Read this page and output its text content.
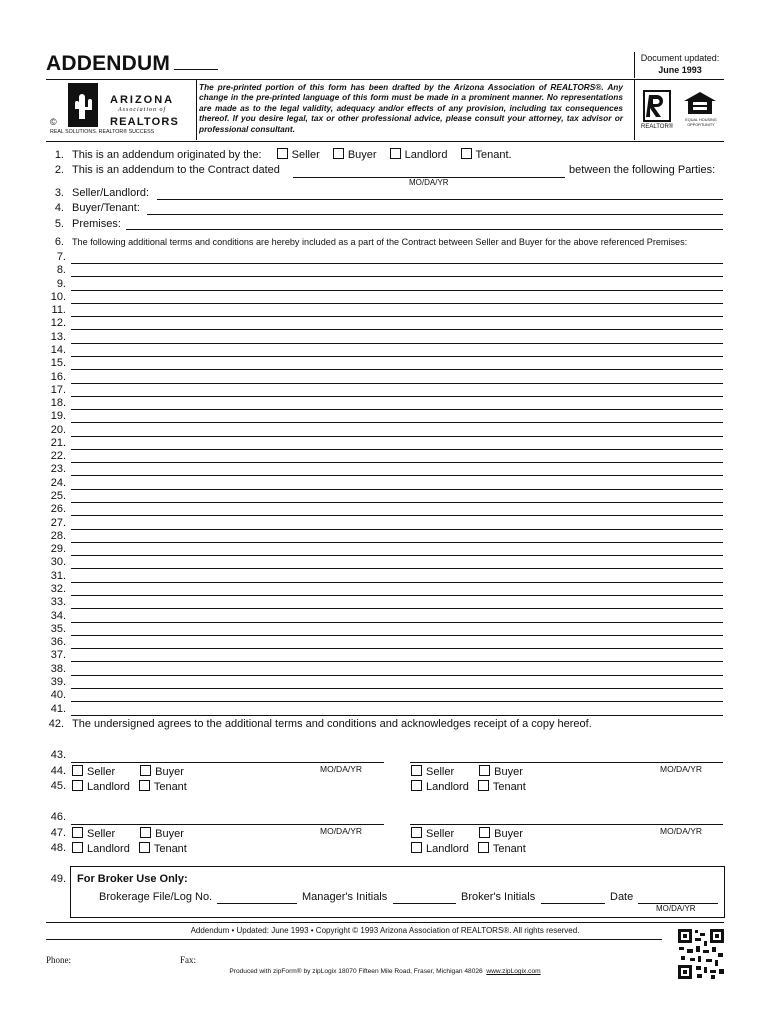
ADDENDUM	Document updated:
June 1993
ARIZONA
Association of
REALTORS
©
REAL SOLUTIONS. REALTOR® SUCCESS
The pre-printed portion of this form has been drafted by the Arizona Association of REALTORS®. Any change in the pre-printed language of this form must be made in a prominent manner. No representations are made as to the legal validity, adequacy and/or effects of any provision, including tax consequences thereof. If you desire legal, tax or other professional advice, please consult your attorney, tax advisor or professional consultant.	REALTOR®
EQUAL HOUSING OPPORTUNITY
1. This is an addendum originated by the:	Seller	Buyer	Landlord	Tenant.
2. This is an addendum to the Contract dated
MO/DA/YR
between the following Parties:
3. Seller/Landlord:
4. Buyer/Tenant:
5. Premises:
6. The following additional terms and conditions are hereby included as a part of the Contract between Seller and Buyer for the above referenced Premises:
7.
8.
9.
10.
11.
12.
13.
14.
15.
16.
17.
18.
19.
20.
21.
22.
23.
24.
25.
26.
27.
28.
29.
30.
31.
32.
33.
34.
35.
36.
37.
38.
39.
40.
41.
42. The undersigned agrees to the additional terms and conditions and acknowledges receipt of a copy hereof.
43.
MO/DA/YR	MO/DA/YR
44.	Seller	Buyer	Seller	Buyer
45.	Landlord Tenant	Landlord Tenant
46.
MO/DA/YR	MO/DA/YR
47.	Seller	Buyer	Seller	Buyer
48.	Landlord Tenant	Landlord Tenant
49. For Broker Use Only:
Brokerage File/Log No.	Manager's Initials	Broker's Initials	Date
MO/DA/YR
Addendum • Updated: June 1993 • Copyright © 1993 Arizona Association of REALTORS®. All rights reserved.
Phone:	Fax:
Produced with zipForm® by zipLogix 18070 Fifteen Mile Road, Fraser, Michigan 48026 www.zipLogix.com
